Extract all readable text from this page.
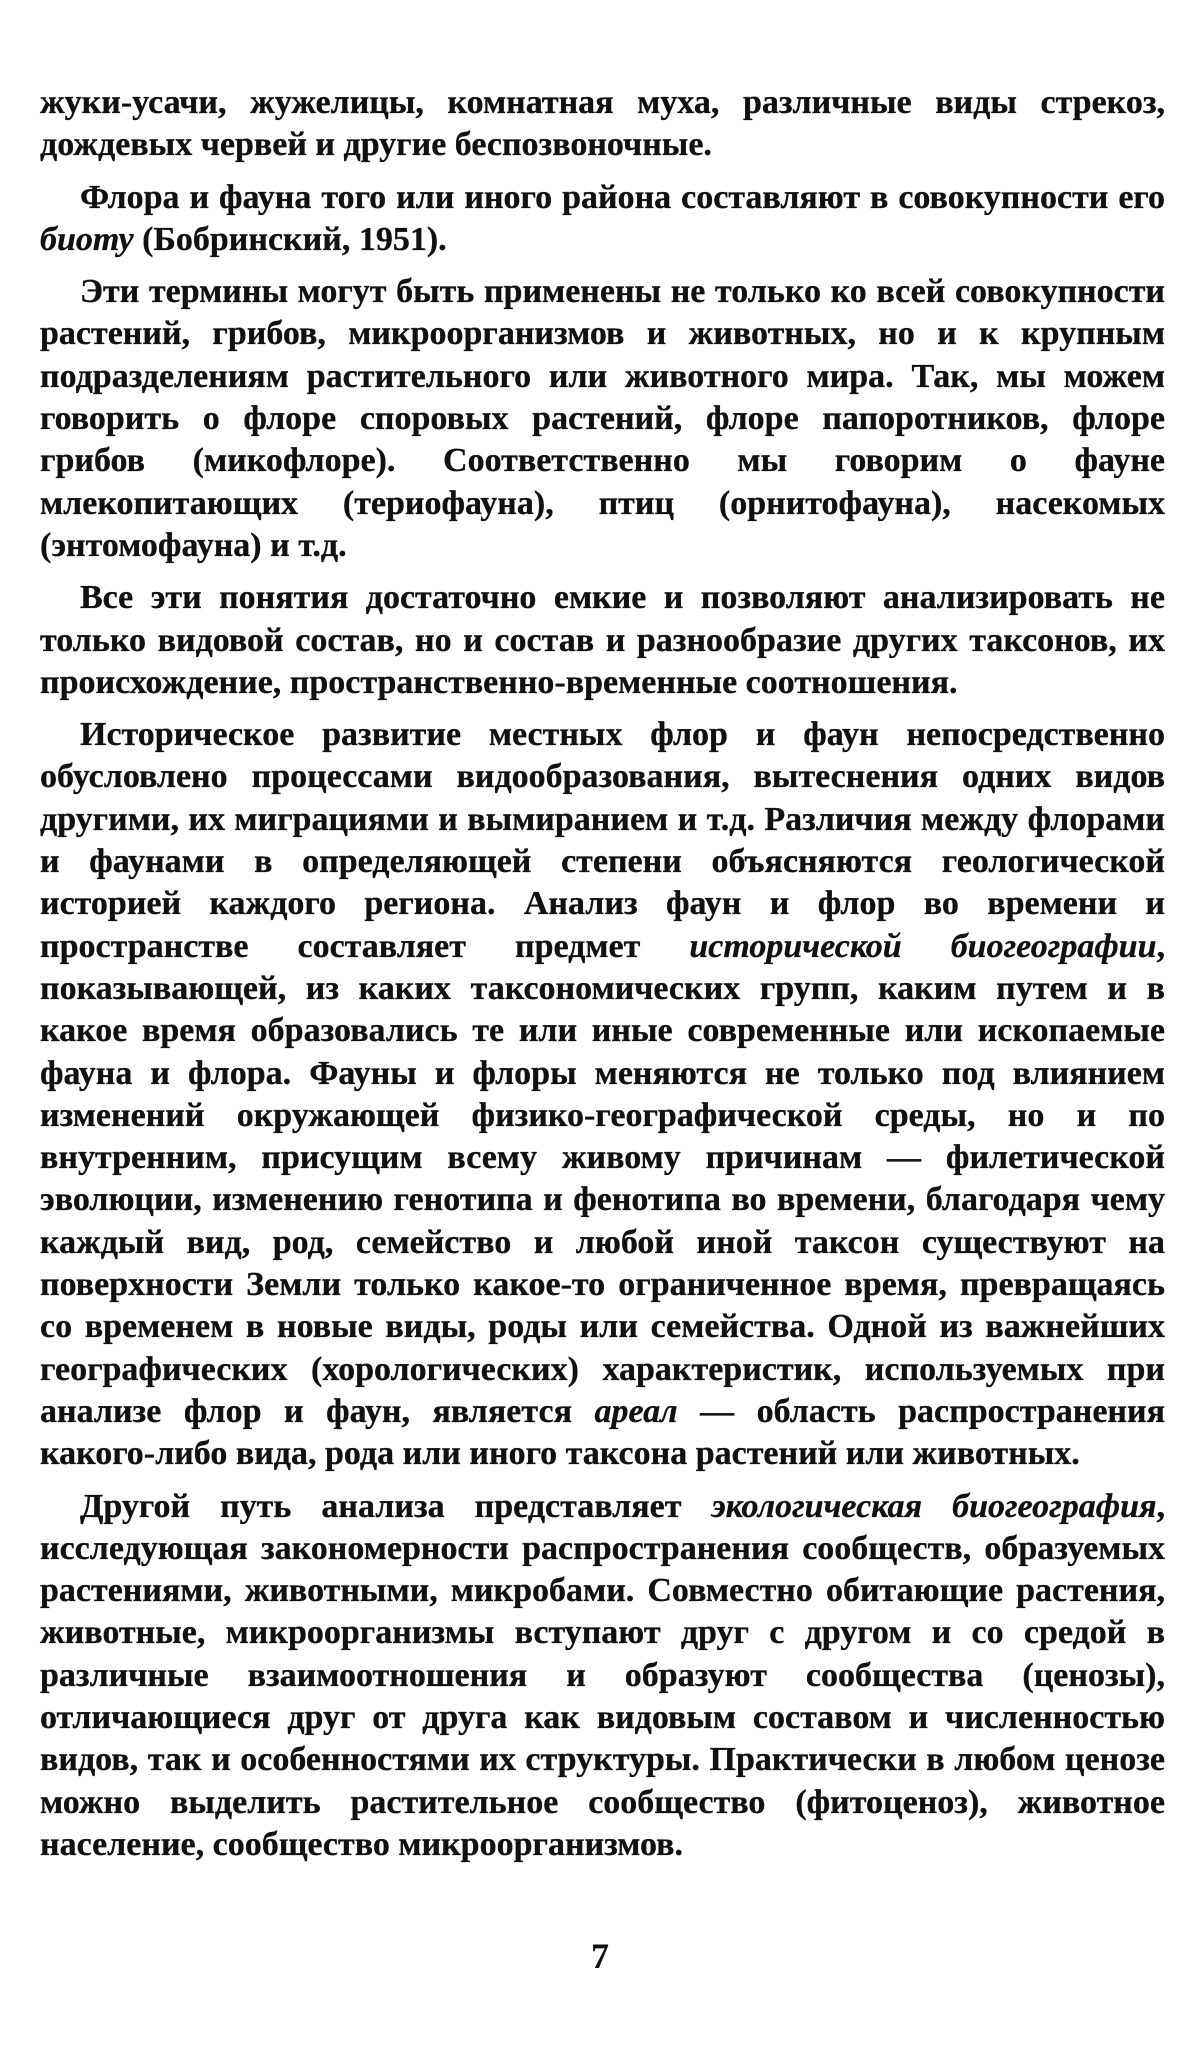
жуки-усачи, жужелицы, комнатная муха, различные виды стрекоз, дождевых червей и другие беспозвоночные.

Флора и фауна того или иного района составляют в совокупности его биоту (Бобринский, 1951).

Эти термины могут быть применены не только ко всей совокупности растений, грибов, микроорганизмов и животных, но и к крупным подразделениям растительного или животного мира. Так, мы можем говорить о флоре споровых растений, флоре папоротников, флоре грибов (микофлоре). Соответственно мы говорим о фауне млекопитающих (териофауна), птиц (орнитофауна), насекомых (энтомофауна) и т.д.

Все эти понятия достаточно емкие и позволяют анализировать не только видовой состав, но и состав и разнообразие других таксонов, их происхождение, пространственно-временные соотношения.

Историческое развитие местных флор и фаун непосредственно обусловлено процессами видообразования, вытеснения одних видов другими, их миграциями и вымиранием и т.д. Различия между флорами и фаунами в определяющей степени объясняются геологической историей каждого региона. Анализ фаун и флор во времени и пространстве составляет предмет исторической биогеографии, показывающей, из каких таксономических групп, каким путем и в какое время образовались те или иные современные или ископаемые фауна и флора. Фауны и флоры меняются не только под влиянием изменений окружающей физико-географической среды, но и по внутренним, присущим всему живому причинам — филетической эволюции, изменению генотипа и фенотипа во времени, благодаря чему каждый вид, род, семейство и любой иной таксон существуют на поверхности Земли только какое-то ограниченное время, превращаясь со временем в новые виды, роды или семейства. Одной из важнейших географических (хорологических) характеристик, используемых при анализе флор и фаун, является ареал — область распространения какого-либо вида, рода или иного таксона растений или животных.

Другой путь анализа представляет экологическая биогеография, исследующая закономерности распространения сообществ, образуемых растениями, животными, микробами. Совместно обитающие растения, животные, микроорганизмы вступают друг с другом и со средой в различные взаимоотношения и образуют сообщества (ценозы), отличающиеся друг от друга как видовым составом и численностью видов, так и особенностями их структуры. Практически в любом ценозе можно выделить растительное сообщество (фитоценоз), животное население, сообщество микроорганизмов.

7
